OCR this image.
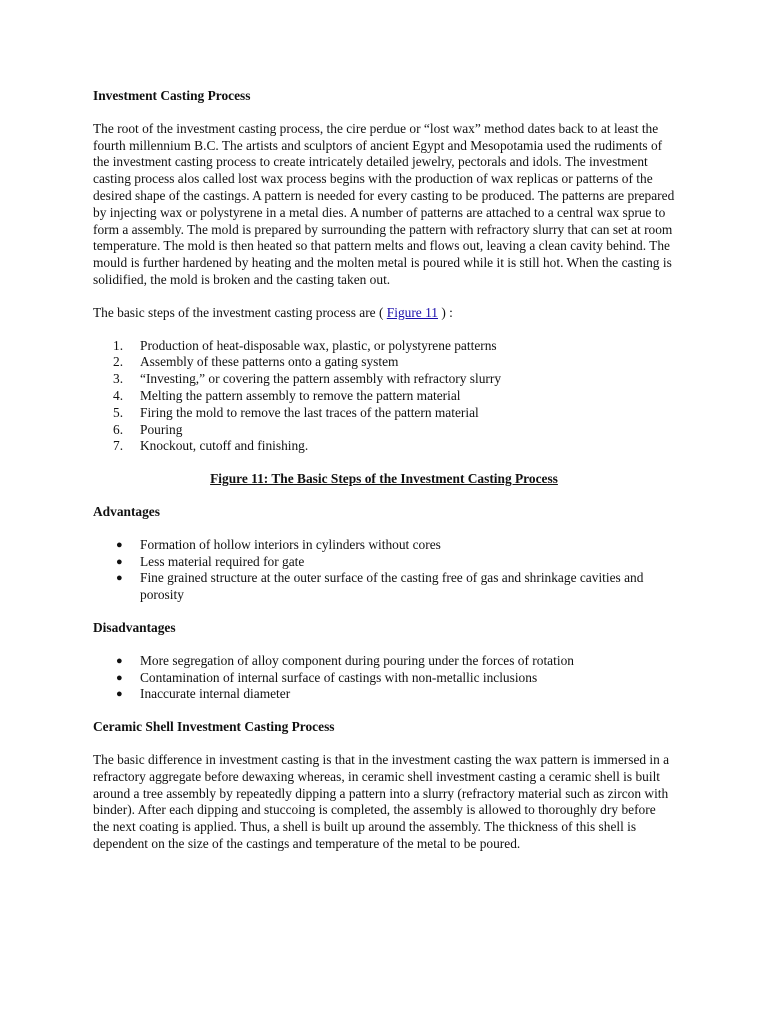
Investment Casting Process

The root of the investment casting process, the cire perdue or “lost wax” method dates back to at least the fourth millennium B.C. The artists and sculptors of ancient Egypt and Mesopotamia used the rudiments of the investment casting process to create intricately detailed jewelry, pectorals and idols. The investment casting process alos called lost wax process begins with the production of wax replicas or patterns of the desired shape of the castings. A pattern is needed for every casting to be produced. The patterns are prepared by injecting wax or polystyrene in a metal dies. A number of patterns are attached to a central wax sprue to form a assembly. The mold is prepared by surrounding the pattern with refractory slurry that can set at room temperature. The mold is then heated so that pattern melts and flows out, leaving a clean cavity behind. The mould is further hardened by heating and the molten metal is poured while it is still hot. When the casting is solidified, the mold is broken and the casting taken out.

The basic steps of the investment casting process are ( Figure 11 ) :

1.	Production of heat-disposable wax, plastic, or polystyrene patterns
2.	Assembly of these patterns onto a gating system
3.	“Investing,” or covering the pattern assembly with refractory slurry
4.	Melting the pattern assembly to remove the pattern material
5.	Firing the mold to remove the last traces of the pattern material
6.	Pouring
7.	Knockout, cutoff and finishing.

Figure 11: The Basic Steps of the Investment Casting Process

Advantages
● Formation of hollow interiors in cylinders without cores
● Less material required for gate
● Fine grained structure at the outer surface of the casting free of gas and shrinkage cavities and porosity
Disadvantages
● More segregation of alloy component during pouring under the forces of rotation
● Contamination of internal surface of castings with non-metallic inclusions
● Inaccurate internal diameter
Ceramic Shell Investment Casting Process

The basic difference in investment casting is that in the investment casting the wax pattern is immersed in a refractory aggregate before dewaxing whereas, in ceramic shell investment casting a ceramic shell is built around a tree assembly by repeatedly dipping a pattern into a slurry (refractory material such as zircon with binder). After each dipping and stuccoing is completed, the assembly is allowed to thoroughly dry before the next coating is applied. Thus, a shell is built up around the assembly. The thickness of this shell is dependent on the size of the castings and temperature of the metal to be poured.
